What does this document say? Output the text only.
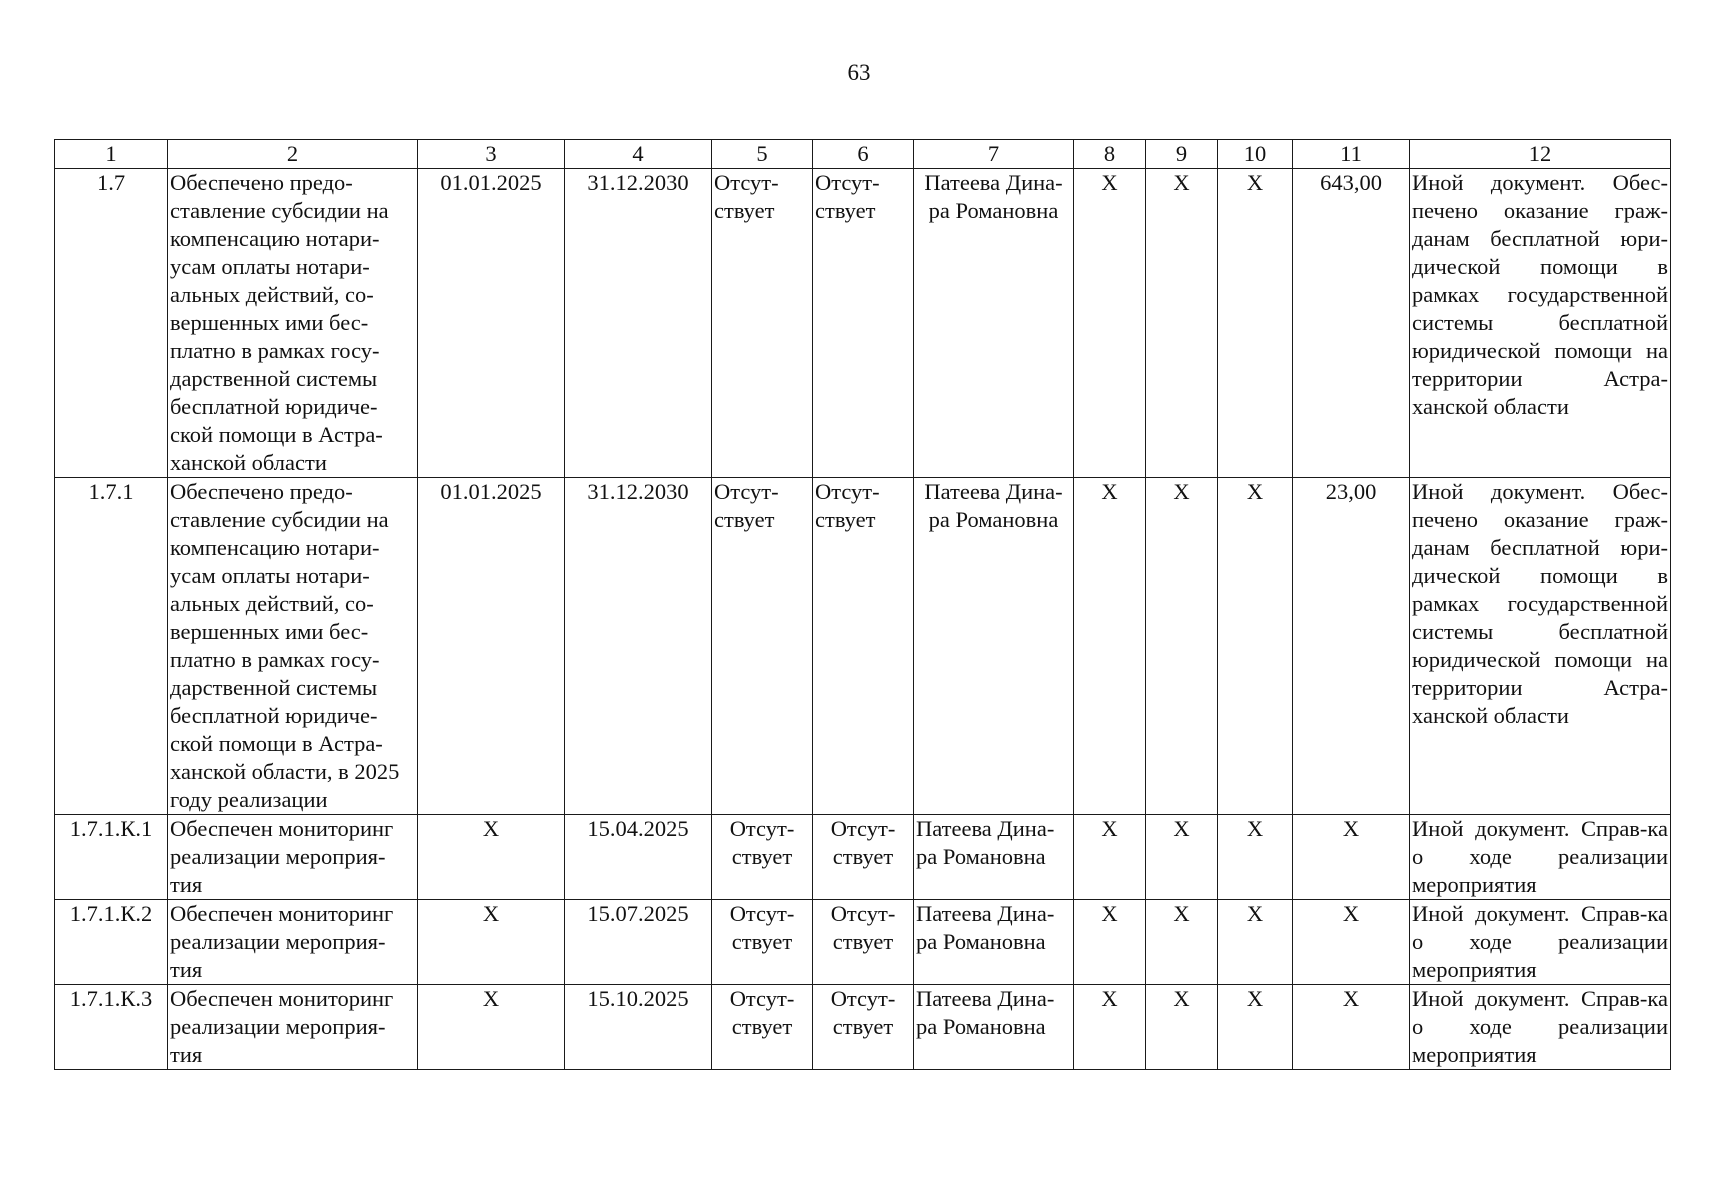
63
1	2	3	4	5	6	7	8	9	10	11	12
1.7	Обеспечено предо-ставление субсидии на компенсацию нотари-усам оплаты нотари-альных действий, со-вершенных ими бес-платно в рамках госу-дарственной системы бесплатной юридиче-ской помощи в Астра-ханской области	01.01.2025	31.12.2030	Отсут-ствует	Отсут-ствует	Патеева Дина-ра Романовна	X	X	X	643,00	Иной документ. Обес-печено оказание граж-данам бесплатной юри-дической помощи в рамках государственной системы бесплатной юридической помощи на территории Астра-ханской области
1.7.1	Обеспечено предо-ставление субсидии на компенсацию нотари-усам оплаты нотари-альных действий, со-вершенных ими бес-платно в рамках госу-дарственной системы бесплатной юридиче-ской помощи в Астра-ханской области, в 2025 году реализации	01.01.2025	31.12.2030	Отсут-ствует	Отсут-ствует	Патеева Дина-ра Романовна	X	X	X	23,00	Иной документ. Обес-печено оказание граж-данам бесплатной юри-дической помощи в рамках государственной системы бесплатной юридической помощи на территории Астра-ханской области
1.7.1.К.1	Обеспечен мониторинг реализации мероприя-тия	X	15.04.2025	Отсут-ствует	Отсут-ствует	Патеева Дина-ра Романовна	X	X	X	X	Иной документ. Справ-ка о ходе реализации мероприятия
1.7.1.К.2	Обеспечен мониторинг реализации мероприя-тия	X	15.07.2025	Отсут-ствует	Отсут-ствует	Патеева Дина-ра Романовна	X	X	X	X	Иной документ. Справ-ка о ходе реализации мероприятия
1.7.1.К.3	Обеспечен мониторинг реализации мероприя-тия	X	15.10.2025	Отсут-ствует	Отсут-ствует	Патеева Дина-ра Романовна	X	X	X	X	Иной документ. Справ-ка о ходе реализации мероприятия
